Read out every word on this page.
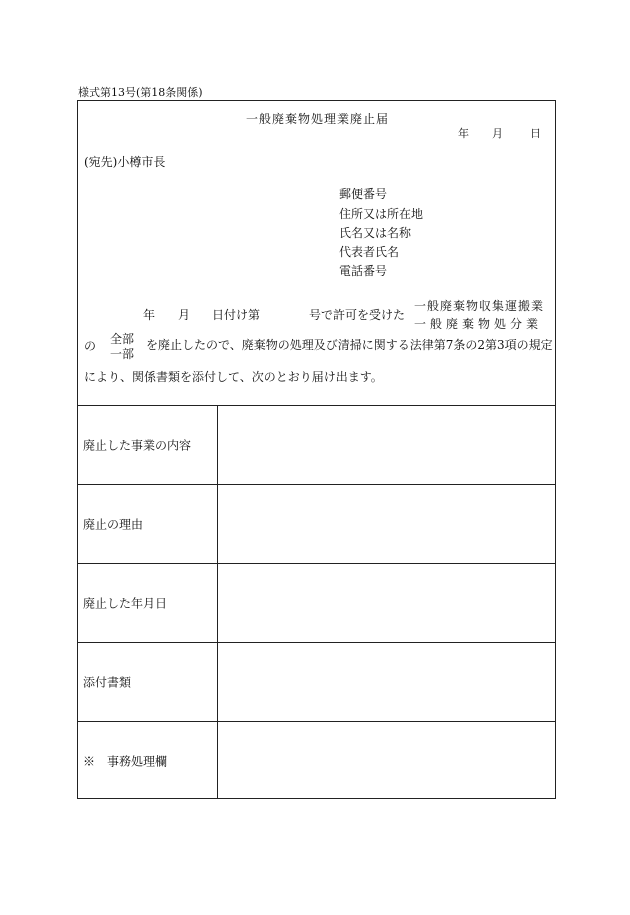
様式第13号(第18条関係)
一般廃棄物処理業廃止届
年 月 日
(宛先)小樽市長
郵便番号
住所又は所在地
氏名又は名称
代表者氏名
電話番号
年 月 日付け第	号で許可を受けた
一般廃棄物収集運搬業
一般廃棄物処分業
の 全部
一部
を廃止したので、廃棄物の処理及び清掃に関する法律第7条の2第3項の規定
により、関係書類を添付して、次のとおり届け出ます。
廃止した事業の内容
廃止の理由
廃止した年月日
添付書類
※　事務処理欄
